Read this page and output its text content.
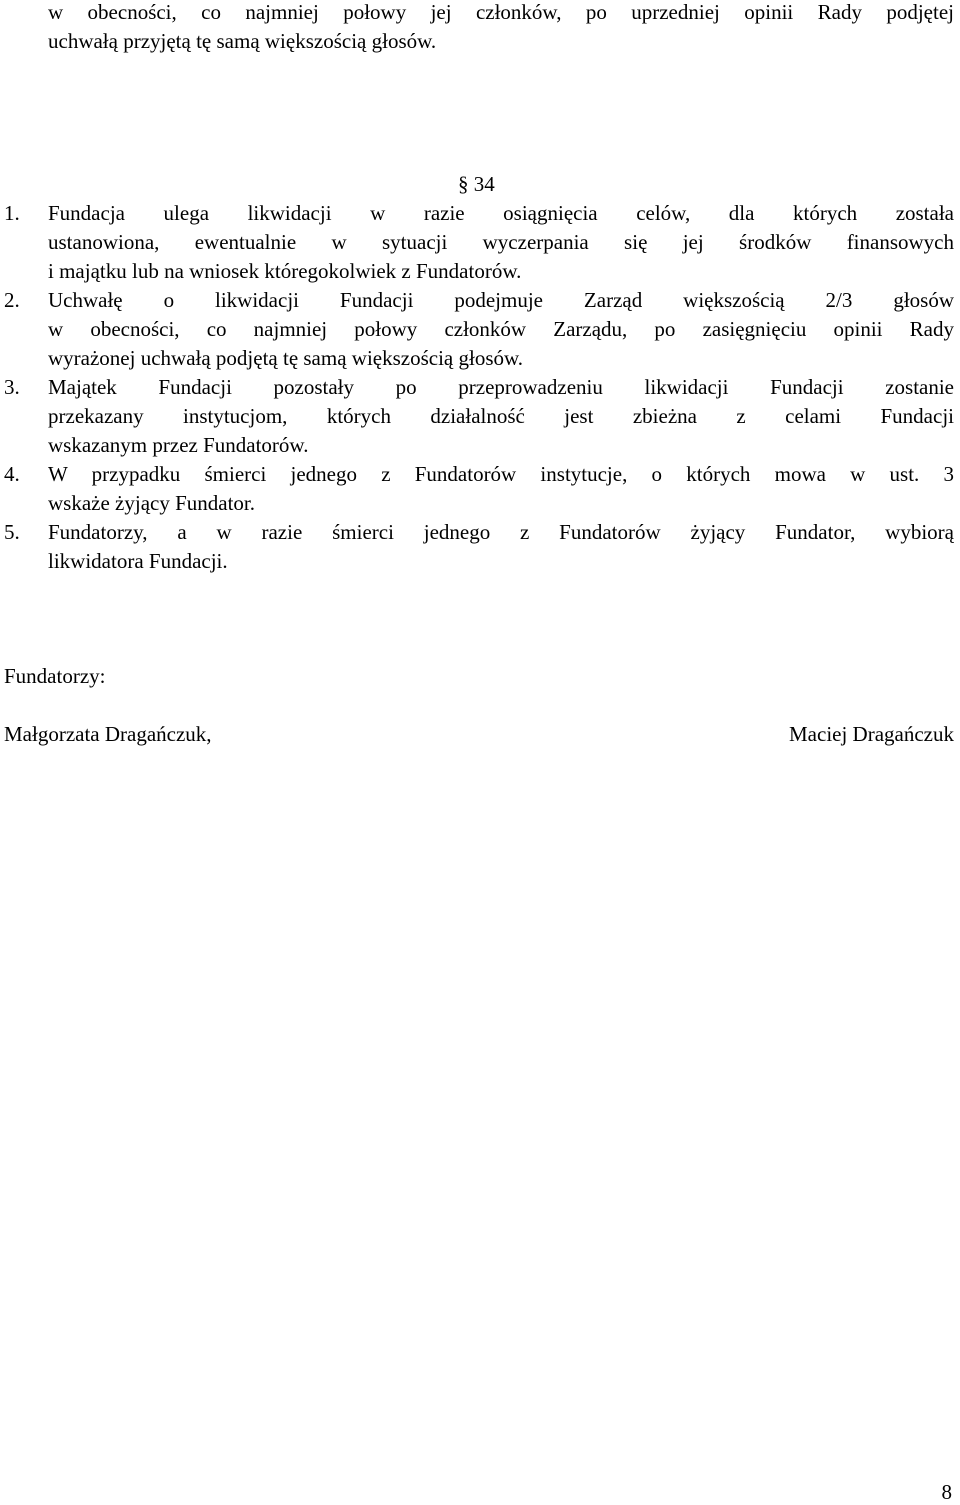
w obecności, co najmniej połowy jej członków, po uprzedniej opinii Rady podjętej
uchwałą przyjętą tę samą większością głosów.
§ 34
1. Fundacja ulega likwidacji w razie osiągnięcia celów, dla których została
ustanowiona, ewentualnie w sytuacji wyczerpania się jej środków finansowych
i majątku lub na wniosek któregokolwiek z Fundatorów.
2. Uchwałę o likwidacji Fundacji podejmuje Zarząd większością 2/3 głosów
w obecności, co najmniej połowy członków Zarządu, po zasięgnięciu opinii Rady
wyrażonej uchwałą podjętą tę samą większością głosów.
3. Majątek Fundacji pozostały po przeprowadzeniu likwidacji Fundacji zostanie
przekazany instytucjom, których działalność jest zbieżna z celami Fundacji
wskazanym przez Fundatorów.
4. W przypadku śmierci jednego z Fundatorów instytucje, o których mowa w ust. 3
wskaże żyjący Fundator.
5. Fundatorzy, a w razie śmierci jednego z Fundatorów żyjący Fundator, wybiorą
likwidatora Fundacji.
Fundatorzy:
Małgorzata Dragańczuk,	Maciej Dragańczuk
8
